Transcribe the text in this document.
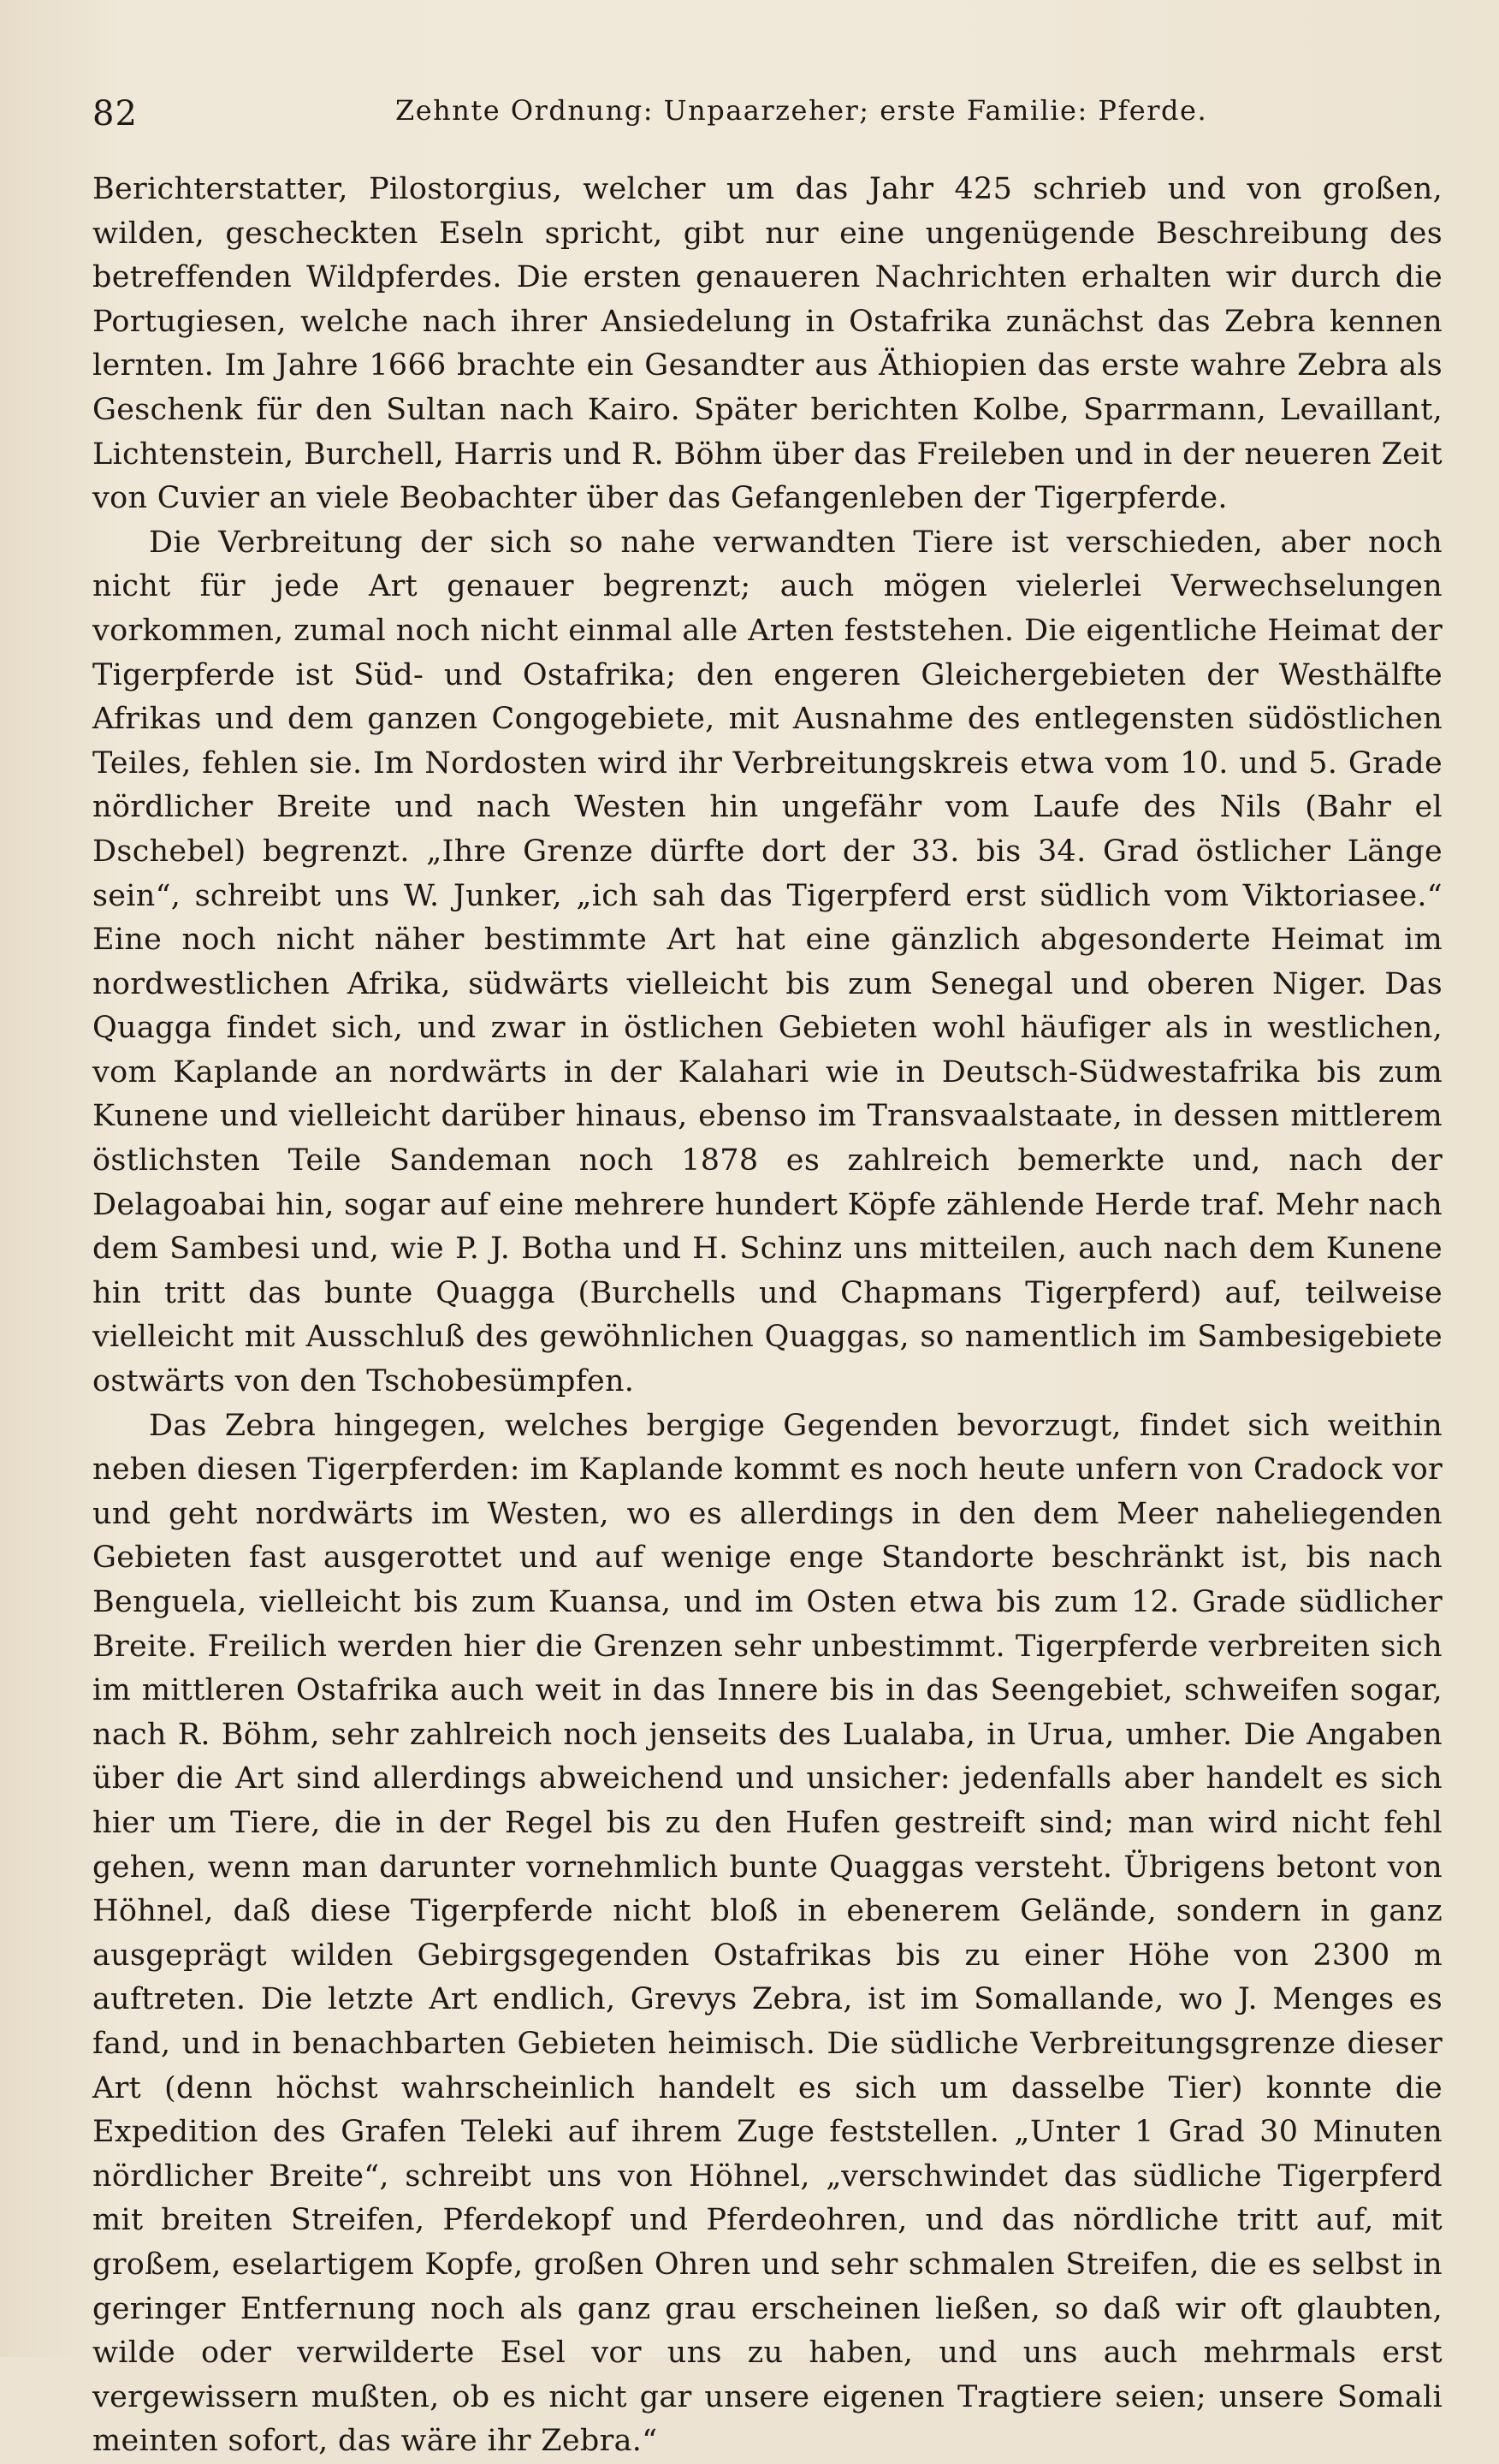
82	Zehnte Ordnung: Unpaarzeher; erste Familie: Pferde.

Berichterstatter, Pilostorgius, welcher um das Jahr 425 schrieb und von großen, wilden, gescheckten Eseln spricht, gibt nur eine ungenügende Beschreibung des betreffenden Wildpferdes. Die ersten genaueren Nachrichten erhalten wir durch die Portugiesen, welche nach ihrer Ansiedelung in Ostafrika zunächst das Zebra kennen lernten. Im Jahre 1666 brachte ein Gesandter aus Äthiopien das erste wahre Zebra als Geschenk für den Sultan nach Kairo. Später berichten Kolbe, Sparrmann, Levaillant, Lichtenstein, Burchell, Harris und R. Böhm über das Freileben und in der neueren Zeit von Cuvier an viele Beobachter über das Gefangenleben der Tigerpferde.

Die Verbreitung der sich so nahe verwandten Tiere ist verschieden, aber noch nicht für jede Art genauer begrenzt; auch mögen vielerlei Verwechselungen vorkommen, zumal noch nicht einmal alle Arten feststehen. Die eigentliche Heimat der Tigerpferde ist Süd- und Ostafrika; den engeren Gleichergebieten der Westhälfte Afrikas und dem ganzen Congogebiete, mit Ausnahme des entlegensten südöstlichen Teiles, fehlen sie. Im Nordosten wird ihr Verbreitungskreis etwa vom 10. und 5. Grade nördlicher Breite und nach Westen hin ungefähr vom Laufe des Nils (Bahr el Dschebel) begrenzt. „Ihre Grenze dürfte dort der 33. bis 34. Grad östlicher Länge sein“, schreibt uns W. Junker, „ich sah das Tigerpferd erst südlich vom Viktoriasee.“ Eine noch nicht näher bestimmte Art hat eine gänzlich abgesonderte Heimat im nordwestlichen Afrika, südwärts vielleicht bis zum Senegal und oberen Niger. Das Quagga findet sich, und zwar in östlichen Gebieten wohl häufiger als in westlichen, vom Kaplande an nordwärts in der Kalahari wie in Deutsch-Südwestafrika bis zum Kunene und vielleicht darüber hinaus, ebenso im Transvaalstaate, in dessen mittlerem östlichsten Teile Sandeman noch 1878 es zahlreich bemerkte und, nach der Delagoabai hin, sogar auf eine mehrere hundert Köpfe zählende Herde traf. Mehr nach dem Sambesi und, wie P. J. Botha und H. Schinz uns mitteilen, auch nach dem Kunene hin tritt das bunte Quagga (Burchells und Chapmans Tigerpferd) auf, teilweise vielleicht mit Ausschluß des gewöhnlichen Quaggas, so namentlich im Sambesigebiete ostwärts von den Tschobesümpfen.

Das Zebra hingegen, welches bergige Gegenden bevorzugt, findet sich weithin neben diesen Tigerpferden: im Kaplande kommt es noch heute unfern von Cradock vor und geht nordwärts im Westen, wo es allerdings in den dem Meer naheliegenden Gebieten fast ausgerottet und auf wenige enge Standorte beschränkt ist, bis nach Benguela, vielleicht bis zum Kuansa, und im Osten etwa bis zum 12. Grade südlicher Breite. Freilich werden hier die Grenzen sehr unbestimmt. Tigerpferde verbreiten sich im mittleren Ostafrika auch weit in das Innere bis in das Seengebiet, schweifen sogar, nach R. Böhm, sehr zahlreich noch jenseits des Lualaba, in Urua, umher. Die Angaben über die Art sind allerdings abweichend und unsicher: jedenfalls aber handelt es sich hier um Tiere, die in der Regel bis zu den Hufen gestreift sind; man wird nicht fehl gehen, wenn man darunter vornehmlich bunte Quaggas versteht. Übrigens betont von Höhnel, daß diese Tigerpferde nicht bloß in ebenerem Gelände, sondern in ganz ausgeprägt wilden Gebirgsgegenden Ostafrikas bis zu einer Höhe von 2300 m auftreten. Die letzte Art endlich, Grevys Zebra, ist im Somallande, wo J. Menges es fand, und in benachbarten Gebieten heimisch. Die südliche Verbreitungsgrenze dieser Art (denn höchst wahrscheinlich handelt es sich um dasselbe Tier) konnte die Expedition des Grafen Teleki auf ihrem Zuge feststellen. „Unter 1 Grad 30 Minuten nördlicher Breite“, schreibt uns von Höhnel, „verschwindet das südliche Tigerpferd mit breiten Streifen, Pferdekopf und Pferdeohren, und das nördliche tritt auf, mit großem, eselartigem Kopfe, großen Ohren und sehr schmalen Streifen, die es selbst in geringer Entfernung noch als ganz grau erscheinen ließen, so daß wir oft glaubten, wilde oder verwilderte Esel vor uns zu haben, und uns auch mehrmals erst vergewissern mußten, ob es nicht gar unsere eigenen Tragtiere seien; unsere Somali meinten sofort, das wäre ihr Zebra.“
